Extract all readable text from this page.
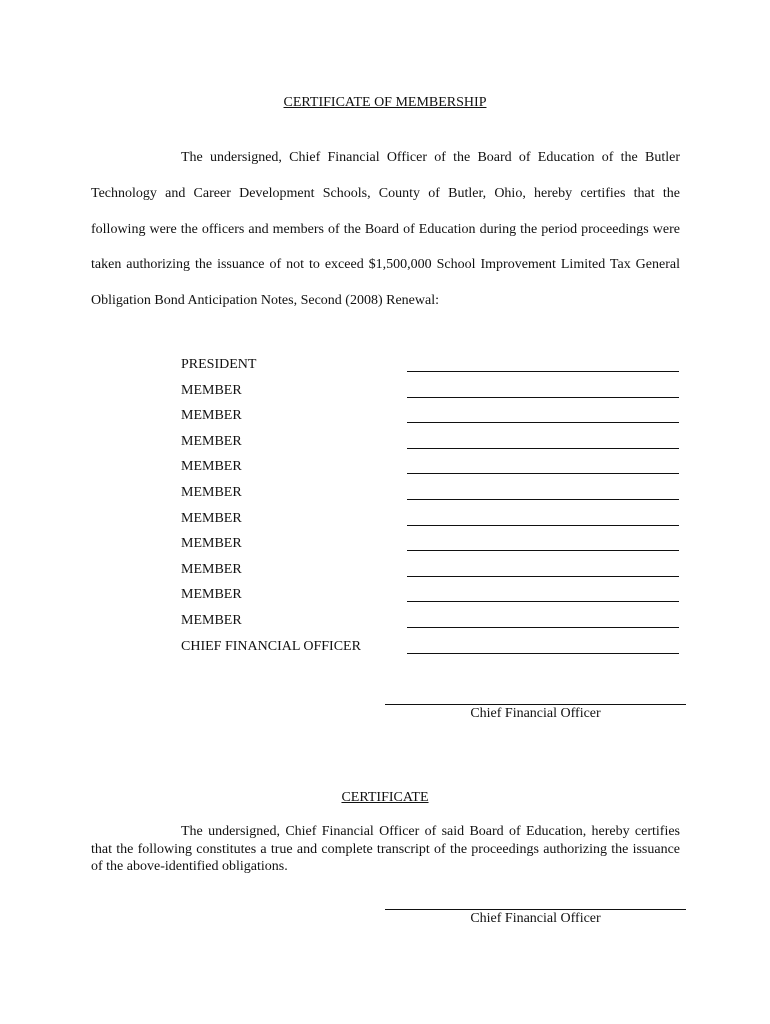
CERTIFICATE OF MEMBERSHIP

The undersigned, Chief Financial Officer of the Board of Education of the Butler Technology and Career Development Schools, County of Butler, Ohio, hereby certifies that the following were the officers and members of the Board of Education during the period proceedings were taken authorizing the issuance of not to exceed $1,500,000 School Improvement Limited Tax General Obligation Bond Anticipation Notes, Second (2008) Renewal:

PRESIDENT
MEMBER
MEMBER
MEMBER
MEMBER
MEMBER
MEMBER
MEMBER
MEMBER
MEMBER
MEMBER
CHIEF FINANCIAL OFFICER
Chief Financial Officer
CERTIFICATE

The undersigned, Chief Financial Officer of said Board of Education, hereby certifies that the following constitutes a true and complete transcript of the proceedings authorizing the issuance of the above-identified obligations.

Chief Financial Officer
